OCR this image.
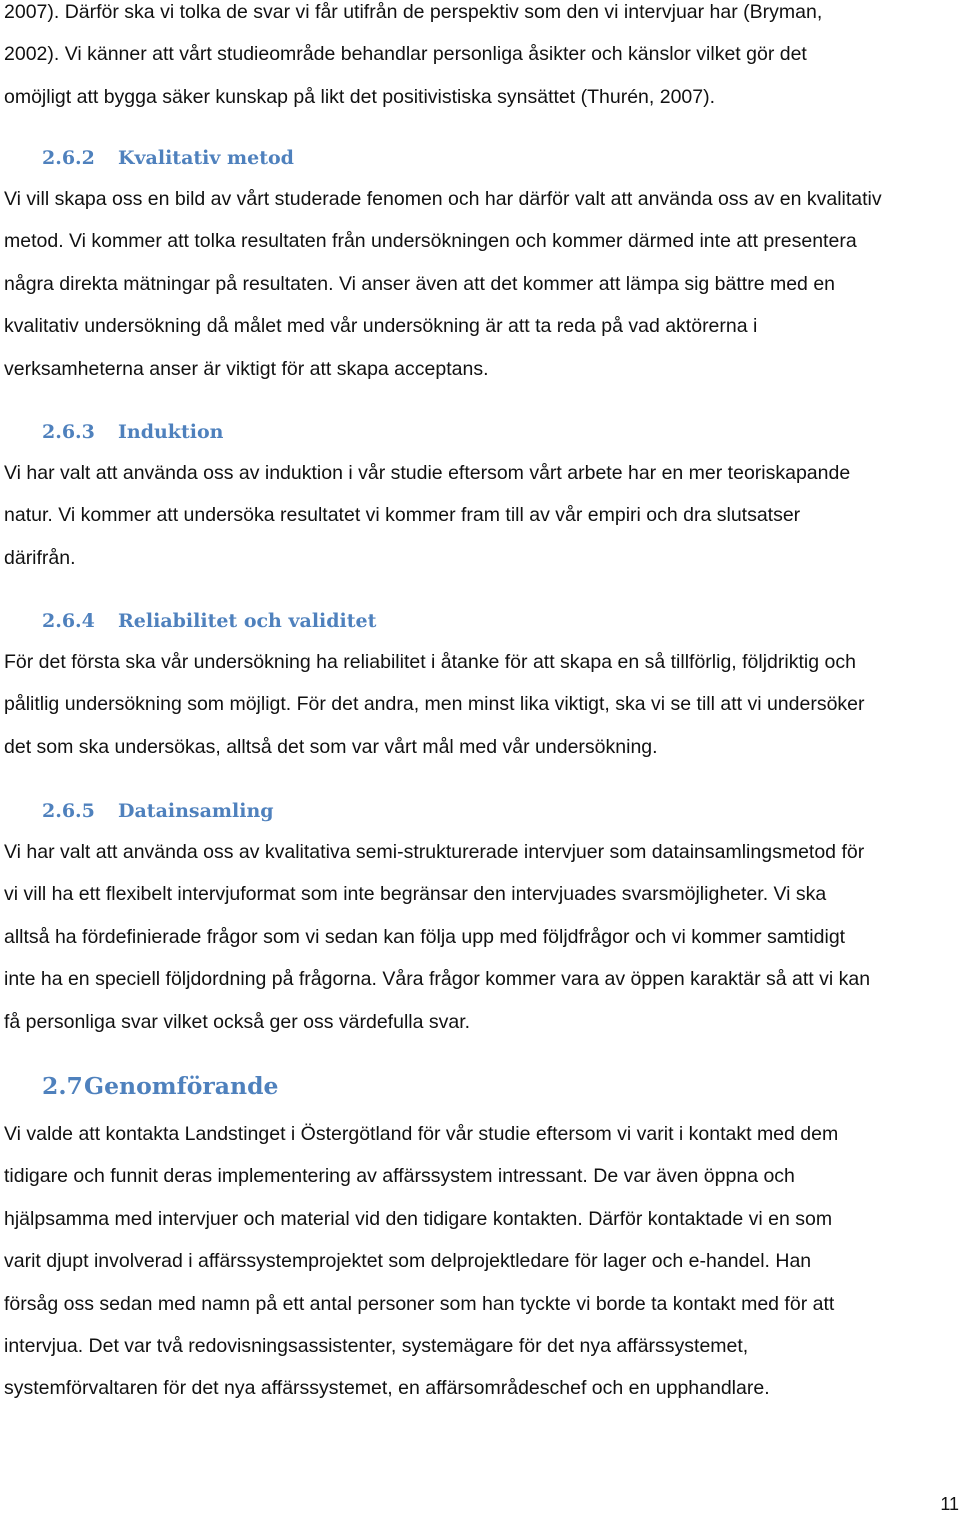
2007). Därför ska vi tolka de svar vi får utifrån de perspektiv som den vi intervjuar har (Bryman,
2002). Vi känner att vårt studieområde behandlar personliga åsikter och känslor vilket gör det
omöjligt att bygga säker kunskap på likt det positivistiska synsättet (Thurén, 2007).

2.6.2 Kvalitativ metod

Vi vill skapa oss en bild av vårt studerade fenomen och har därför valt att använda oss av en kvalitativ
metod. Vi kommer att tolka resultaten från undersökningen och kommer därmed inte att presentera
några direkta mätningar på resultaten. Vi anser även att det kommer att lämpa sig bättre med en
kvalitativ undersökning då målet med vår undersökning är att ta reda på vad aktörerna i
verksamheterna anser är viktigt för att skapa acceptans.

2.6.3 Induktion

Vi har valt att använda oss av induktion i vår studie eftersom vårt arbete har en mer teoriskapande
natur. Vi kommer att undersöka resultatet vi kommer fram till av vår empiri och dra slutsatser
därifrån.

2.6.4 Reliabilitet och validitet

För det första ska vår undersökning ha reliabilitet i åtanke för att skapa en så tillförlig, följdriktig och
pålitlig undersökning som möjligt. För det andra, men minst lika viktigt, ska vi se till att vi undersöker
det som ska undersökas, alltså det som var vårt mål med vår undersökning.

2.6.5 Datainsamling

Vi har valt att använda oss av kvalitativa semi-strukturerade intervjuer som datainsamlingsmetod för
vi vill ha ett flexibelt intervjuformat som inte begränsar den intervjuades svarsmöjligheter. Vi ska
alltså ha fördefinierade frågor som vi sedan kan följa upp med följdfrågor och vi kommer samtidigt
inte ha en speciell följdordning på frågorna. Våra frågor kommer vara av öppen karaktär så att vi kan
få personliga svar vilket också ger oss värdefulla svar.

2.7Genomförande

Vi valde att kontakta Landstinget i Östergötland för vår studie eftersom vi varit i kontakt med dem
tidigare och funnit deras implementering av affärssystem intressant. De var även öppna och
hjälpsamma med intervjuer och material vid den tidigare kontakten. Därför kontaktade vi en som
varit djupt involverad i affärssystemprojektet som delprojektledare för lager och e-handel. Han
försåg oss sedan med namn på ett antal personer som han tyckte vi borde ta kontakt med för att
intervjua. Det var två redovisningsassistenter, systemägare för det nya affärssystemet,
systemförvaltaren för det nya affärssystemet, en affärsområdeschef och en upphandlare.

11
